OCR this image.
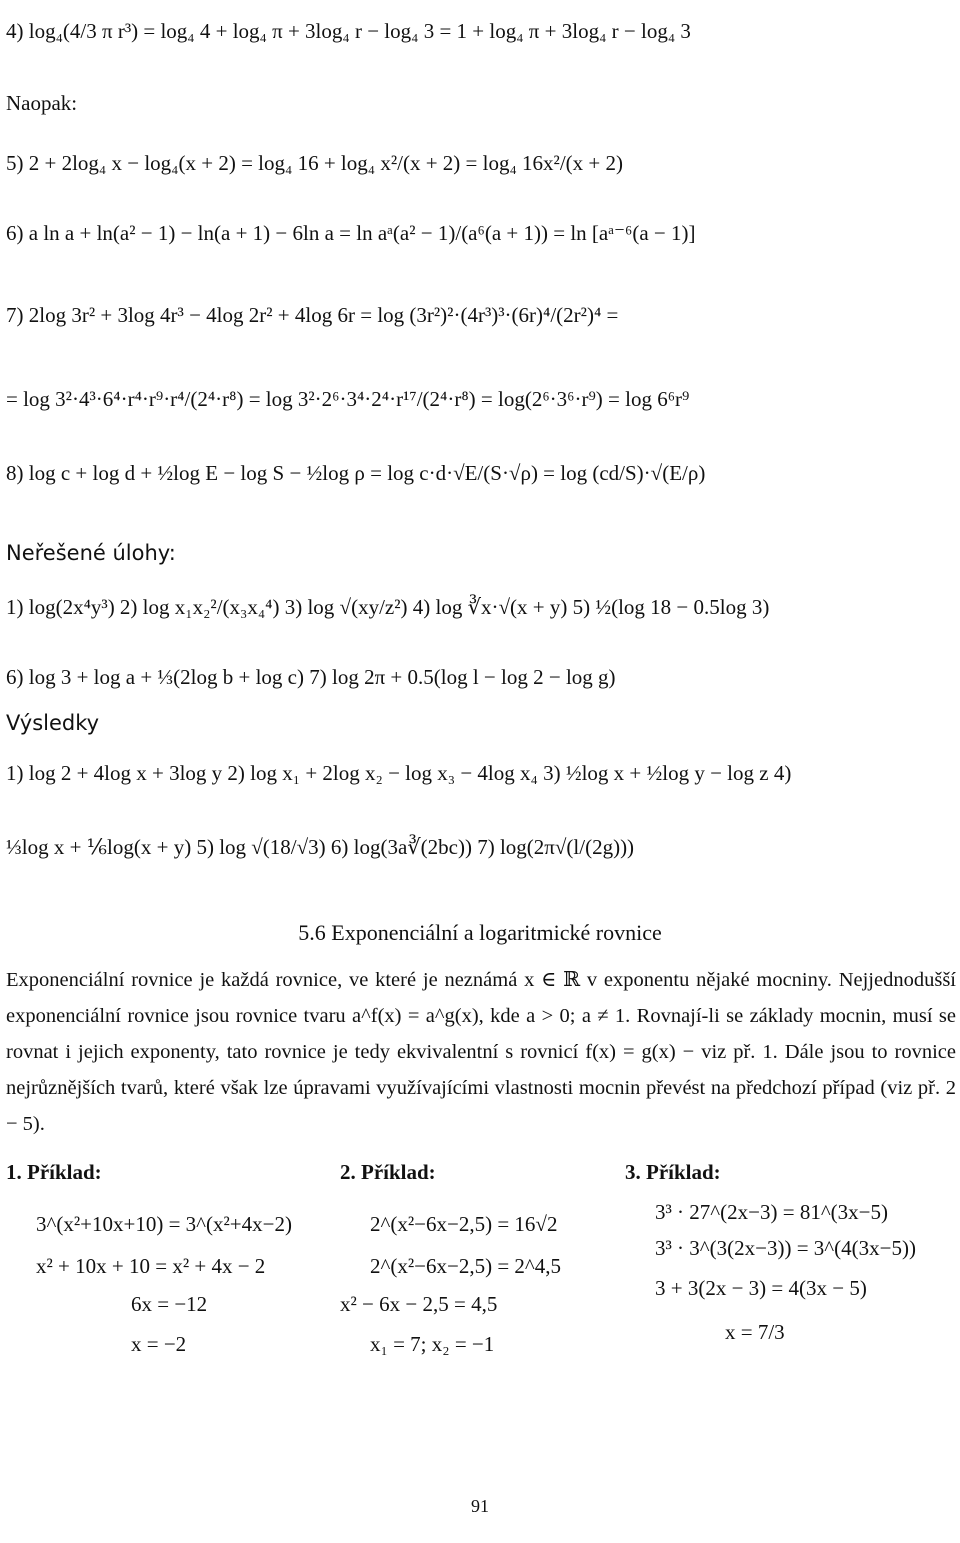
4) log₄(4/3 π r³) = log₄ 4 + log₄ π + 3log₄ r − log₄ 3 = 1 + log₄ π + 3log₄ r − log₄ 3
Naopak:
5) 2 + 2log₄ x − log₄(x + 2) = log₄ 16 + log₄ x²/(x + 2) = log₄ 16x²/(x + 2)
6) a ln a + ln(a² − 1) − ln(a + 1) − 6ln a = ln aᵃ(a² − 1)/(a⁶(a + 1)) = ln [aᵃ⁻⁶(a − 1)]
7) 2log 3r² + 3log 4r³ − 4log 2r² + 4log 6r = log (3r²)²·(4r³)³·(6r)⁴/(2r²)⁴ =
= log 3²·4³·6⁴·r⁴·r⁹·r⁴/(2⁴·r⁸) = log 3²·2⁶·3⁴·2⁴·r¹⁷/(2⁴·r⁸) = log(2⁶·3⁶·r⁹) = log 6⁶r⁹
8) log c + log d + ½log E − log S − ½log ρ = log c·d·√E/(S·√ρ) = log (cd/S)·√(E/ρ)
Neřešené úlohy:
1) log(2x⁴y³) 2) log x₁x₂²/(x₃x₄⁴) 3) log √(xy/z²) 4) log ∛x·√(x + y) 5) ½(log 18 − 0.5log 3)
6) log 3 + log a + ⅓(2log b + log c) 7) log 2π + 0.5(log l − log 2 − log g)
Výsledky
1) log 2 + 4log x + 3log y 2) log x₁ + 2log x₂ − log x₃ − 4log x₄ 3) ½log x + ½log y − log z 4)
⅓log x + ⅙log(x + y) 5) log √(18/√3) 6) log(3a∛(2bc)) 7) log(2π√(l/(2g)))
5.6 Exponenciální a logaritmické rovnice
Exponenciální rovnice je každá rovnice, ve které je neznámá x ∈ ℝ v exponentu nějaké mocniny. Nejjednodušší exponenciální rovnice jsou rovnice tvaru a^f(x) = a^g(x), kde a > 0; a ≠ 1. Rovnají-li se základy mocnin, musí se rovnat i jejich exponenty, tato rovnice je tedy ekvivalentní s rovnicí f(x) = g(x) − viz př. 1. Dále jsou to rovnice nejrůznějších tvarů, které však lze úpravami využívajícími vlastnosti mocnin převést na předchozí případ (viz př. 2 − 5).
1. Příklad:
3^(x²+10x+10) = 3^(x²+4x−2)
x² + 10x + 10 = x² + 4x − 2
6x = −12
x = −2
2. Příklad:
2^(x²−6x−2,5) = 16√2
2^(x²−6x−2,5) = 2^4,5
x² − 6x − 2,5 = 4,5
x₁ = 7; x₂ = −1
3. Příklad:
3³ · 27^(2x−3) = 81^(3x−5)
3³ · 3^(3(2x−3)) = 3^(4(3x−5))
3 + 3(2x − 3) = 4(3x − 5)
x = 7/3
91
